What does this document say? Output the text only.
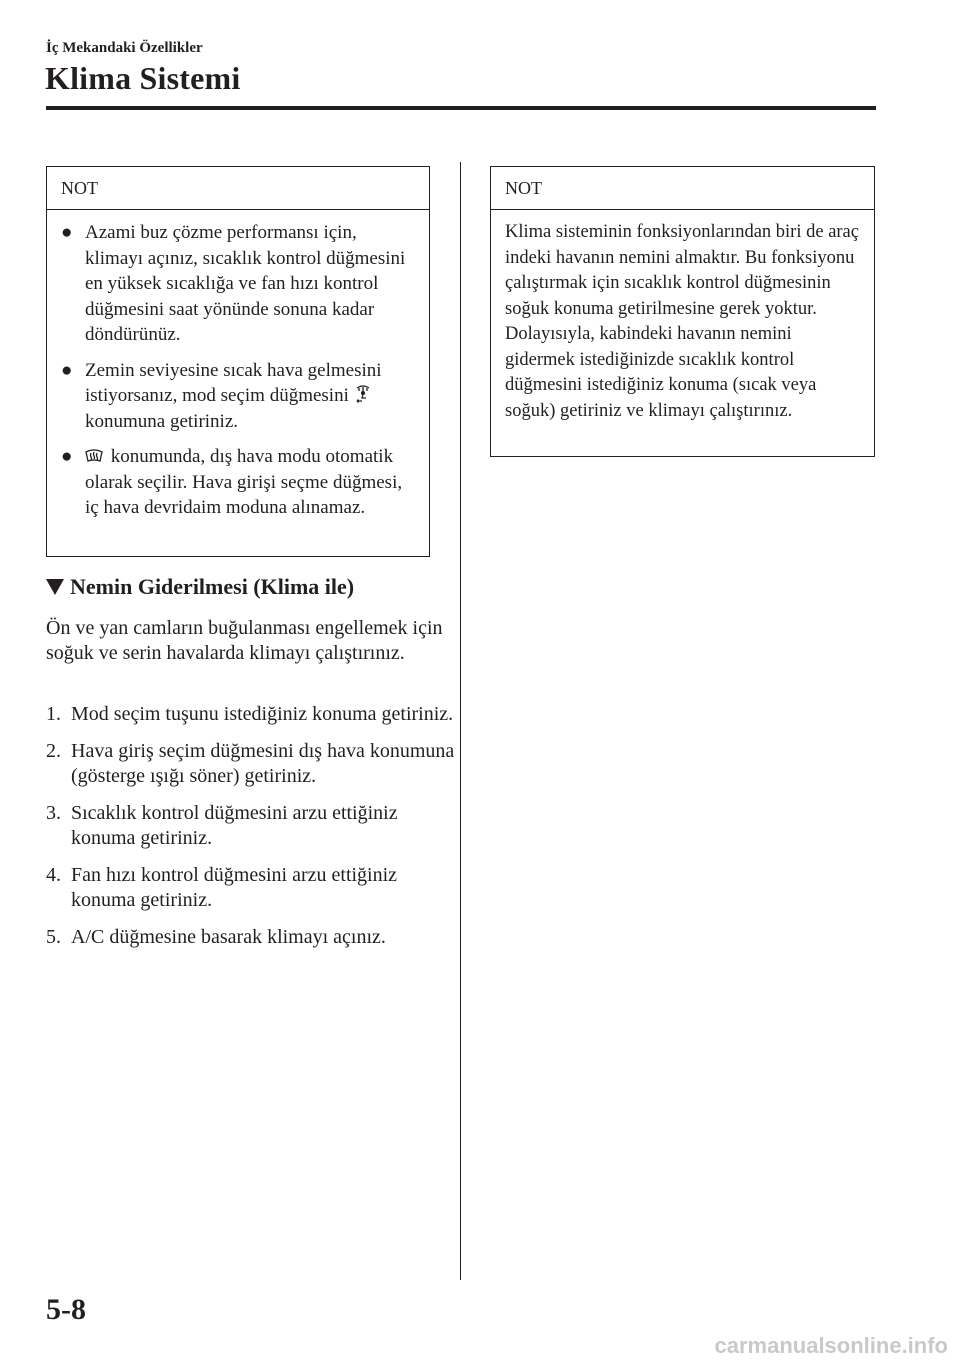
İç Mekandaki Özellikler
Klima Sistemi
NOT
● Azami buz çözme performansı için, klimayı açınız, sıcaklık kontrol düğmesini en yüksek sıcaklığa ve fan hızı kontrol düğmesini saat yönünde sonuna kadar döndürünüz.
● Zemin seviyesine sıcak hava gelmesini istiyorsanız, mod seçim düğmesini  konumuna getiriniz.
● konumunda, dış hava modu otomatik olarak seçilir. Hava girişi seçme düğmesi, iç hava devridaim moduna alınamaz.
Nemin Giderilmesi (Klima ile)
Ön ve yan camların buğulanması engellemek için soğuk ve serin havalarda klimayı çalıştırınız.
1. Mod seçim tuşunu istediğiniz konuma getiriniz.
2. Hava giriş seçim düğmesini dış hava konumuna (gösterge ışığı söner) getiriniz.
3. Sıcaklık kontrol düğmesini arzu ettiğiniz konuma getiriniz.
4. Fan hızı kontrol düğmesini arzu ettiğiniz konuma getiriniz.
5. A/C düğmesine basarak klimayı açınız.
NOT
Klima sisteminin fonksiyonlarından biri de araç indeki havanın nemini almaktır. Bu fonksiyonu çalıştırmak için sıcaklık kontrol düğmesinin soğuk konuma getirilmesine gerek yoktur. Dolayısıyla, kabindeki havanın nemini gidermek istediğinizde sıcaklık kontrol düğmesini istediğiniz konuma (sıcak veya soğuk) getiriniz ve klimayı çalıştırınız.
5-8
carmanualsonline.info
